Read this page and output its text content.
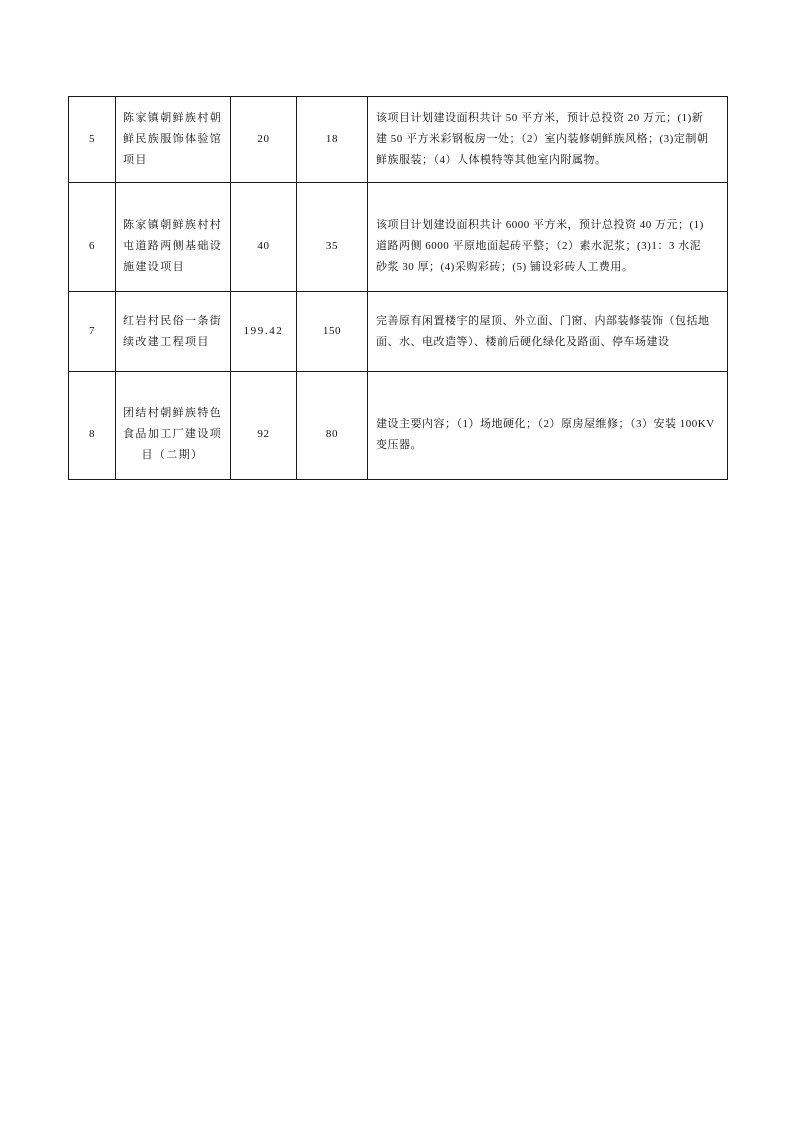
5	陈家镇朝鲜族村朝
鲜民族服饰体验馆
项目	20	18	该项目计划建设面积共计 50 平方米，预计总投资 20 万元；(1)新
建 50 平方米彩钢板房一处；（2）室内装修朝鲜族风格；(3)定制朝
鲜族服装；（4）人体模特等其他室内附属物。

6	陈家镇朝鲜族村村
屯道路两侧基础设
施建设项目	40	35	该项目计划建设面积共计 6000 平方米，预计总投资 40 万元；(1)
道路两侧 6000 平原地面起砖平整；（2）素水泥浆；(3)1：3 水泥
砂浆 30 厚；(4)采购彩砖；(5) 铺设彩砖人工费用。

7	红岩村民俗一条街
续改建工程项目	199.42	150	完善原有闲置楼宇的屋顶、外立面、门窗、内部装修装饰（包括地
面、水、电改造等）、楼前后硬化绿化及路面、停车场建设

8	团结村朝鲜族特色
食品加工厂建设项
目（二期）	92	80	建设主要内容；（1）场地硬化；（2）原房屋维修；（3）安装 100KV
变压器。
